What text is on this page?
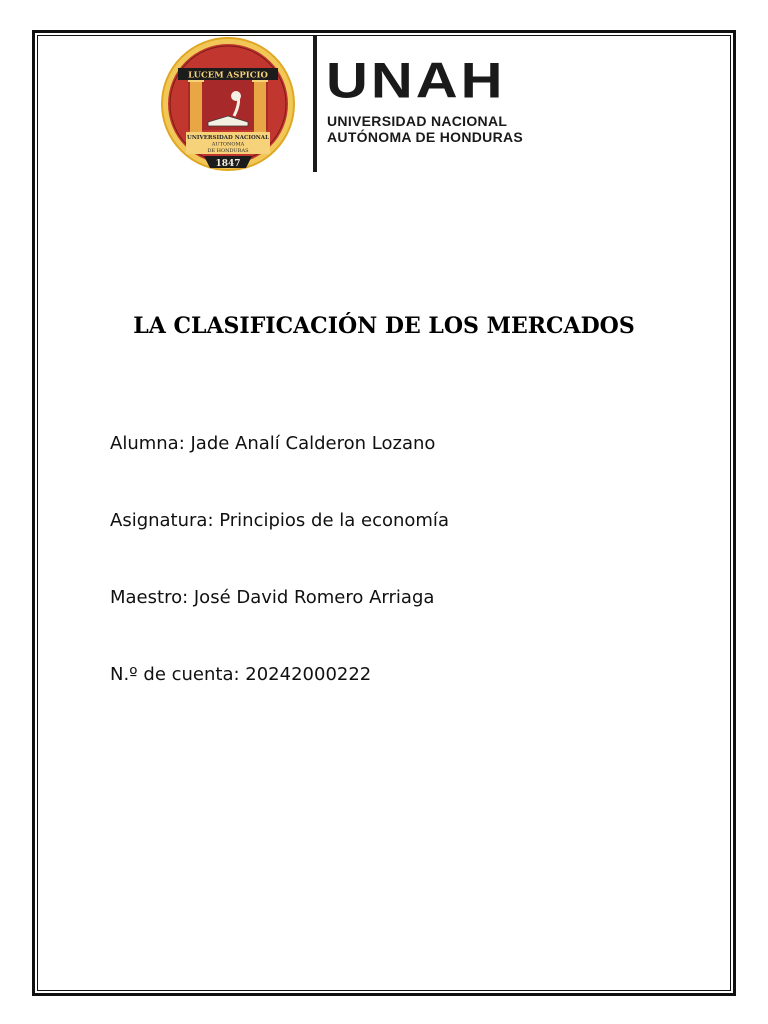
LUCEM ASPICIO
UNIVERSIDAD NACIONAL
AUTONOMA
DE HONDURAS
1847
UNAH
UNIVERSIDAD NACIONAL
AUTÓNOMA DE HONDURAS
LA CLASIFICACIÓN DE LOS MERCADOS
Alumna: Jade Analí Calderon Lozano
Asignatura: Principios de la economía
Maestro: José David Romero Arriaga
N.º de cuenta: 20242000222
